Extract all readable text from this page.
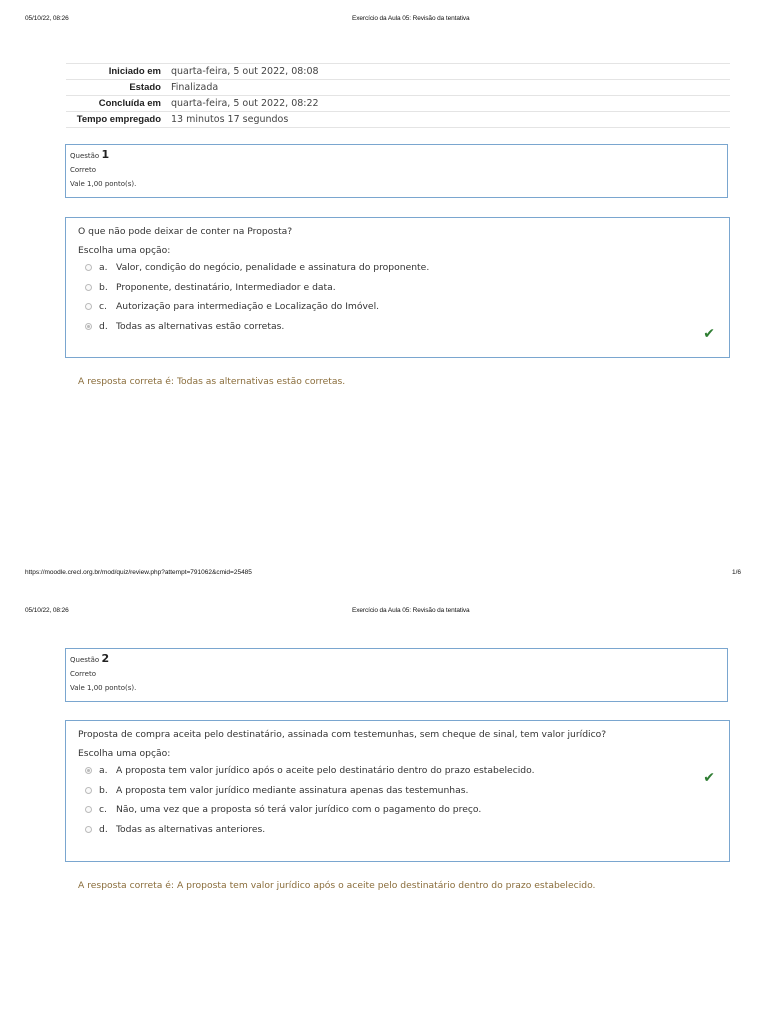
05/10/22, 08:26	Exercício da Aula 05: Revisão da tentativa
Iniciado em	quarta-feira, 5 out 2022, 08:08
Estado	Finalizada
Concluída em	quarta-feira, 5 out 2022, 08:22
Tempo empregado	13 minutos 17 segundos
Questão 1
Correto
Vale 1,00 ponto(s).
O que não pode deixar de conter na Proposta?
Escolha uma opção:
a. Valor, condição do negócio, penalidade e assinatura do proponente.
b. Proponente, destinatário, Intermediador e data.
c. Autorização para intermediação e Localização do Imóvel.
d. Todas as alternativas estão corretas.	✔
A resposta correta é: Todas as alternativas estão corretas.
https://moodle.crecl.org.br/mod/quiz/review.php?attempt=791062&cmid=25485	1/6
05/10/22, 08:26	Exercício da Aula 05: Revisão da tentativa
Questão 2
Correto
Vale 1,00 ponto(s).
Proposta de compra aceita pelo destinatário, assinada com testemunhas, sem cheque de sinal, tem valor jurídico?
Escolha uma opção:
a. A proposta tem valor jurídico após o aceite pelo destinatário dentro do prazo estabelecido.
b. A proposta tem valor jurídico mediante assinatura apenas das testemunhas.
c. Não, uma vez que a proposta só terá valor jurídico com o pagamento do preço.
d. Todas as alternativas anteriores.
✔
A resposta correta é: A proposta tem valor jurídico após o aceite pelo destinatário dentro do prazo estabelecido.
